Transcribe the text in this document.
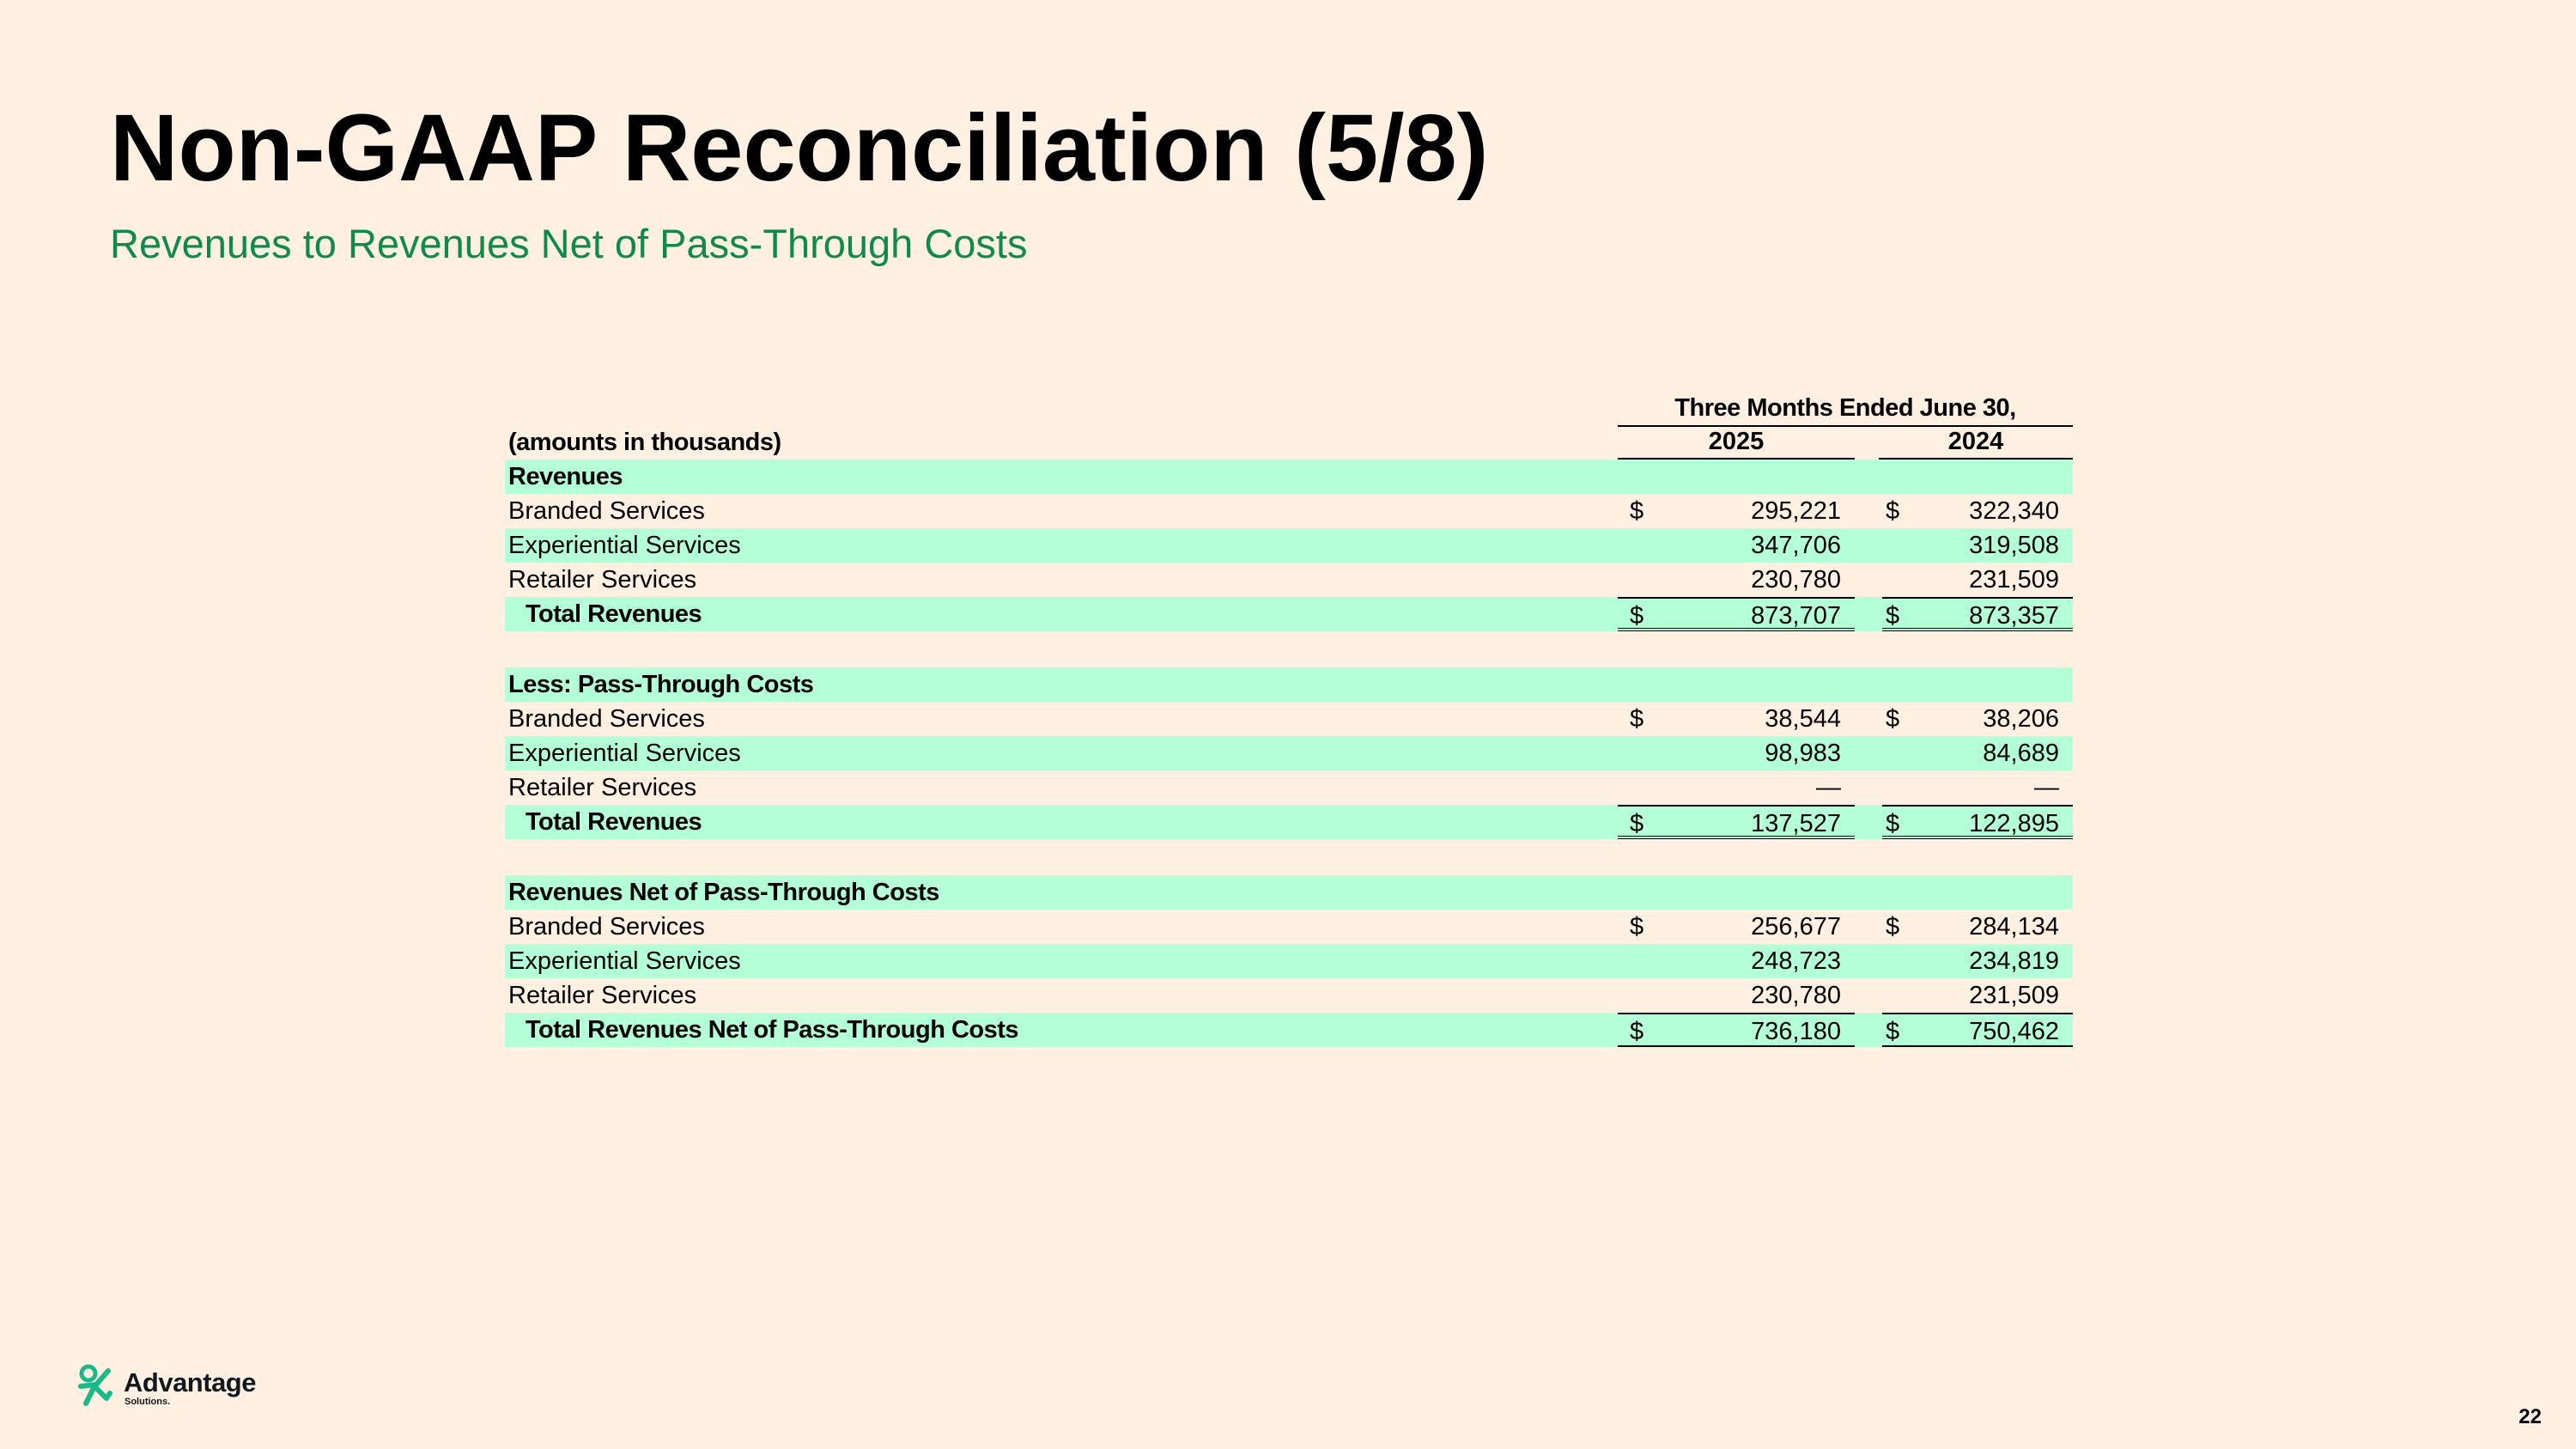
Non-GAAP Reconciliation (5/8)
Revenues to Revenues Net of Pass-Through Costs
Three Months Ended June 30,
(amounts in thousands)	2025	2024
Revenues
Branded Services	$	295,221 $	322,340
Experiential Services	347,706	319,508
Retailer Services	230,780	231,509
Total Revenues	$	873,707 $	873,357
Less: Pass-Through Costs
Branded Services	$	38,544 $	38,206
Experiential Services	98,983	84,689
Retailer Services	—	—
Total Revenues	$	137,527 $	122,895
Revenues Net of Pass-Through Costs
Branded Services	$	256,677 $	284,134
Experiential Services	248,723	234,819
Retailer Services	230,780	231,509
Total Revenues Net of Pass-Through Costs	$	736,180 $	750,462
Advantage
Solutions.
22
